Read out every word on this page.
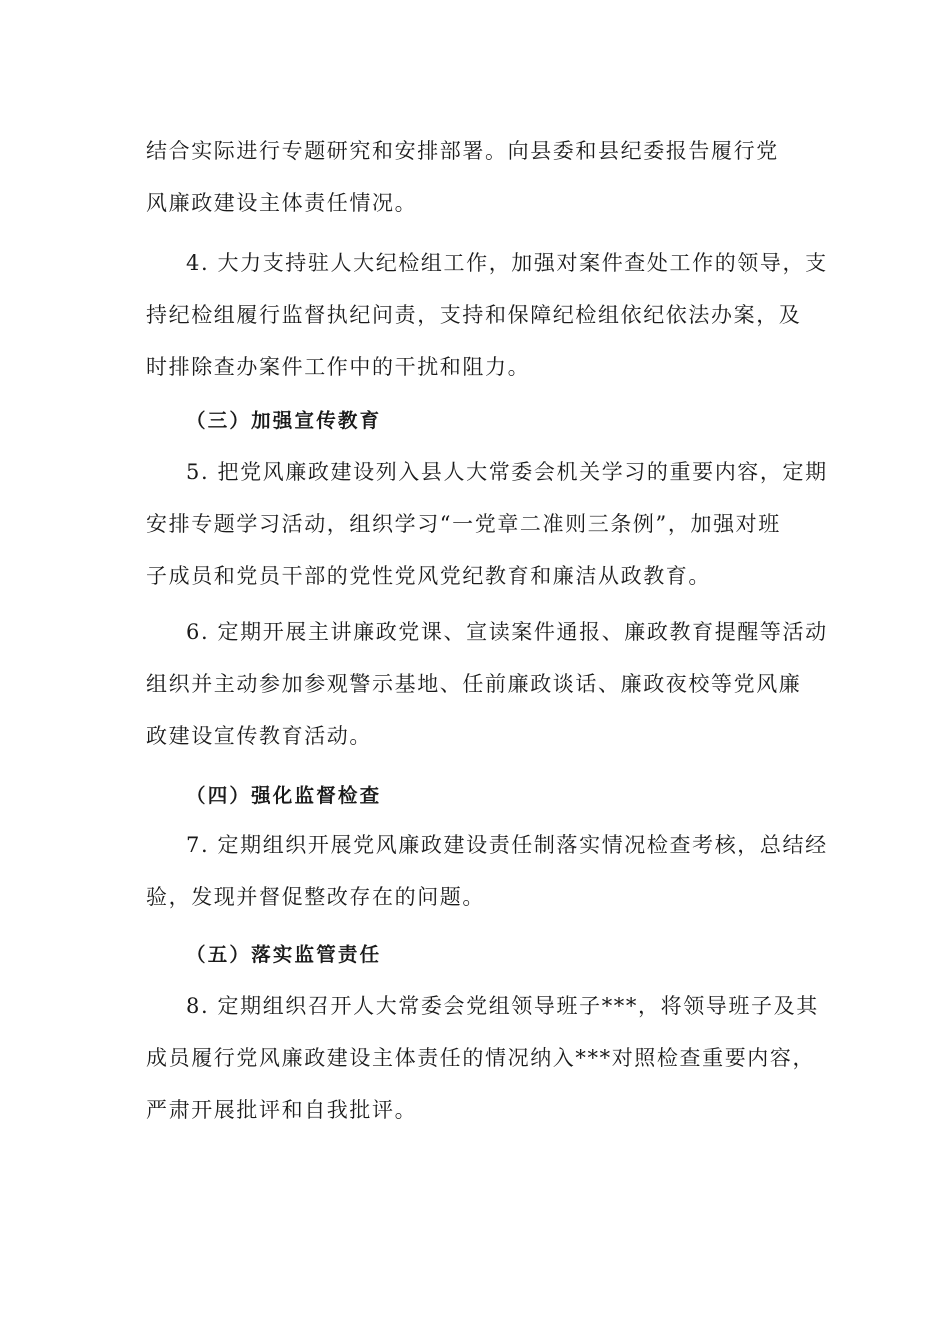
结合实际进行专题研究和安排部署。向县委和县纪委报告履行党
风廉政建设主体责任情况。

4. 大力支持驻人大纪检组工作，加强对案件查处工作的领导，支
持纪检组履行监督执纪问责，支持和保障纪检组依纪依法办案，及
时排除查办案件工作中的干扰和阻力。

（三）加强宣传教育

5. 把党风廉政建设列入县人大常委会机关学习的重要内容，定期
安排专题学习活动，组织学习“一党章二准则三条例”，加强对班
子成员和党员干部的党性党风党纪教育和廉洁从政教育。

6. 定期开展主讲廉政党课、宣读案件通报、廉政教育提醒等活动
组织并主动参加参观警示基地、任前廉政谈话、廉政夜校等党风廉
政建设宣传教育活动。

（四）强化监督检查

7. 定期组织开展党风廉政建设责任制落实情况检查考核，总结经
验，发现并督促整改存在的问题。

（五）落实监管责任

8. 定期组织召开人大常委会党组领导班子***，将领导班子及其
成员履行党风廉政建设主体责任的情况纳入***对照检查重要内容，
严肃开展批评和自我批评。
